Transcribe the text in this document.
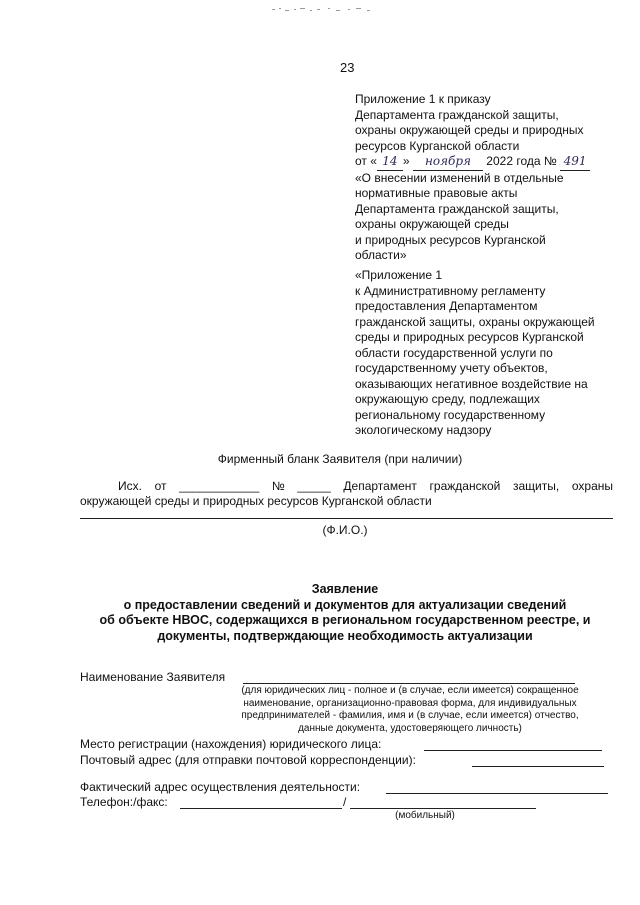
23
Приложение 1 к приказу
Департамента гражданской защиты,
охраны окружающей среды и природных
ресурсов Курганской области
от « 14 » ноября 2022 года № 491
«О внесении изменений в отдельные
нормативные правовые акты
Департамента гражданской защиты,
охраны окружающей среды
и природных ресурсов Курганской
области»
«Приложение 1
к Административному регламенту
предоставления Департаментом
гражданской защиты, охраны окружающей
среды и природных ресурсов Курганской
области государственной услуги по
государственному учету объектов,
оказывающих негативное воздействие на
окружающую среду, подлежащих
региональному государственному
экологическому надзору
Фирменный бланк Заявителя (при наличии)
Исх. от ____________ № _____ Департамент гражданской защиты, охраны
окружающей среды и природных ресурсов Курганской области
(Ф.И.О.)
Заявление
о предоставлении сведений и документов для актуализации сведений
об объекте НВОС, содержащихся в региональном государственном реестре, и
документы, подтверждающие необходимость актуализации
Наименование Заявителя
(для юридических лиц - полное и (в случае, если имеется) сокращенное
наименование, организационно-правовая форма, для индивидуальных
предпринимателей - фамилия, имя и (в случае, если имеется) отчество,
данные документа, удостоверяющего личность)
Место регистрации (нахождения) юридического лица:
Почтовый адрес (для отправки почтовой корреспонденции):
Фактический адрес осуществления деятельности:
Телефон:/факс:	/
(мобильный)
